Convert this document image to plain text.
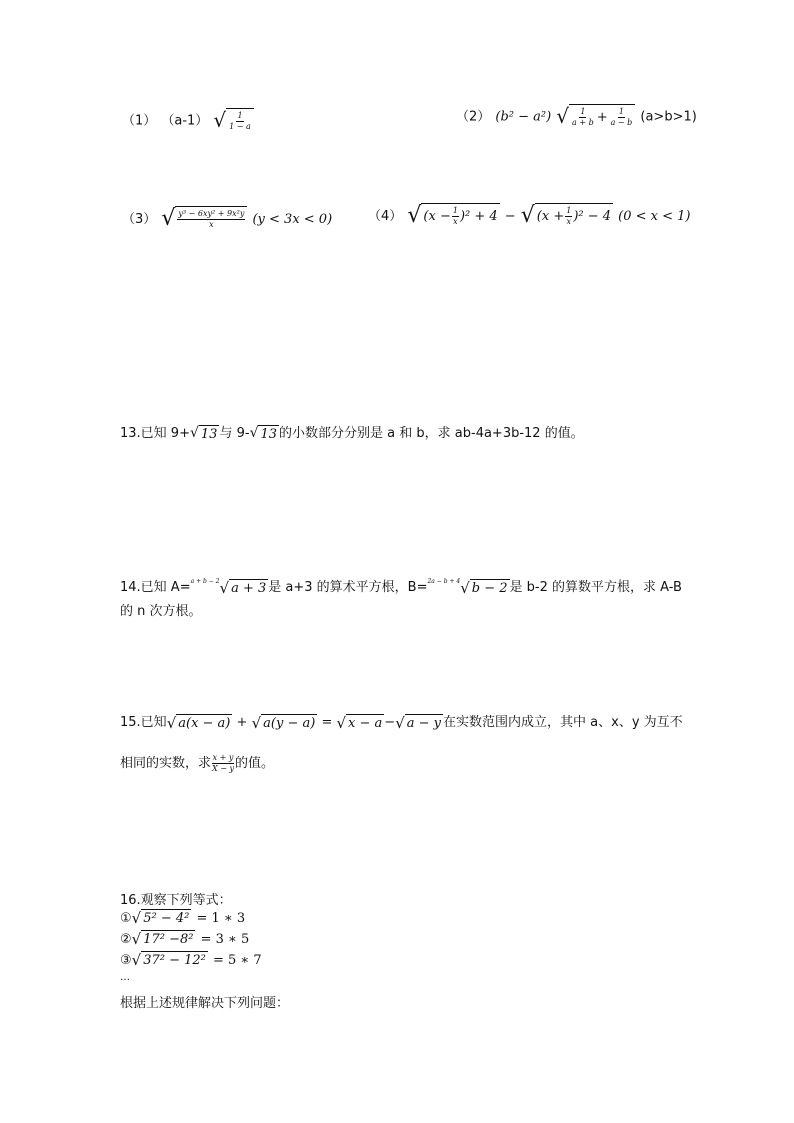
（1） （a-1） √ $\frac{1}{1 - a}$	（2） (b² − a²) √ $\frac{1}{a + b} + \frac{1}{a - b} (a>b>1)$
（3） √ $\frac{\text{y³ − 6xy² + 9x²y}}{x} (y < 3x < 0)$	（4） √ ($x - \frac{1}{x}$ ) ² + 4 − √ ($x + \frac{1}{x}$ ) ² − 4 (0 < x < 1)
13.已知 9+ √ 13 与 9- √ 13 的小数部分分别是 a 和 b，求 ab-4a+3b-12 的值。
14.已知 A=$^{a + b - 2}$ √ a + 3 是 a+3 的算术平方根，B=$^{2a - b + 4}$ √ b − 2 是 b-2 的算数平方根，求 A-B
的 n 次方根。
15.已知 √ a(x − a) + √ a(y − a) = √ x − a − √ a − y 在实数范围内成立，其中 a、x、y 为互不
相同的实数，求 $\frac{x + y}{X - y}$ 的值。
16.观察下列等式：
① √ 5² − 4² = 1 ∗ 3
② √ 17² −8² = 3 ∗ 5
③ √ 37² − 12² = 5 ∗ 7
…
根据上述规律解决下列问题：
